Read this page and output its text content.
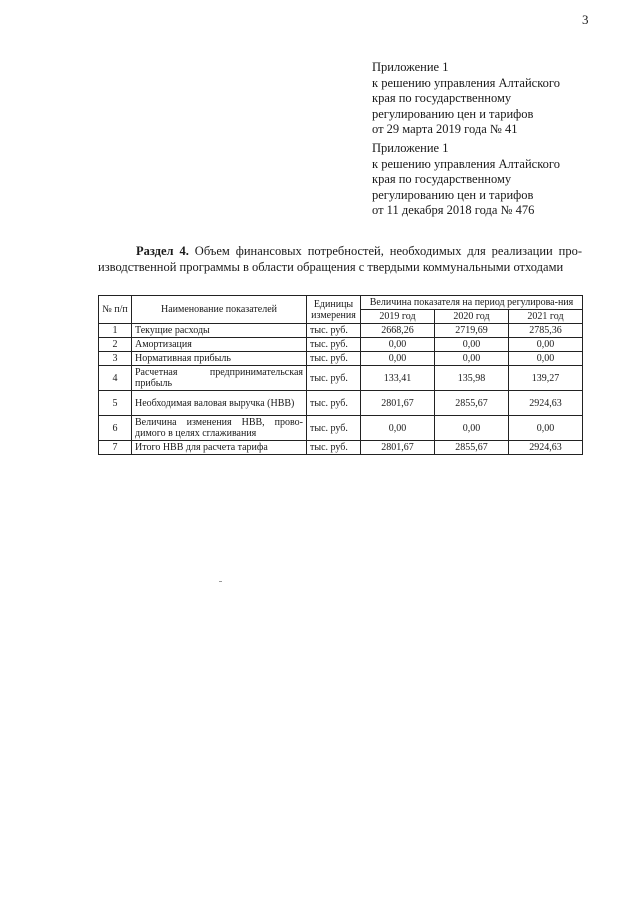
3
Приложение 1
к решению управления Алтайского
края по государственному
регулированию цен и тарифов
от 29 марта 2019 года № 41
Приложение 1
к решению управления Алтайского
края по государственному
регулированию цен и тарифов
от 11 декабря 2018 года № 476
Раздел 4. Объем финансовых потребностей, необходимых для реализации про-
изводственной программы в области обращения с твердыми коммунальными отходами
№ п/п	Наименование показателей	Единицы измерения	Величина показателя на период регулирова-ния		
			2019 год	2020 год	2021 год
1	Текущие расходы	тыс. руб.	2668,26	2719,69	2785,36
2	Амортизация	тыс. руб.	0,00	0,00	0,00
3	Нормативная прибыль	тыс. руб.	0,00	0,00	0,00
4	Расчетная предпринимательская прибыль	тыс. руб.	133,41	135,98	139,27
5	Необходимая валовая выручка (НВВ)	тыс. руб.	2801,67	2855,67	2924,63
6	Величина изменения НВВ, прово-димого в целях сглаживания	тыс. руб.	0,00	0,00	0,00
7	Итого НВВ для расчета тарифа	тыс. руб.	2801,67	2855,67	2924,63
